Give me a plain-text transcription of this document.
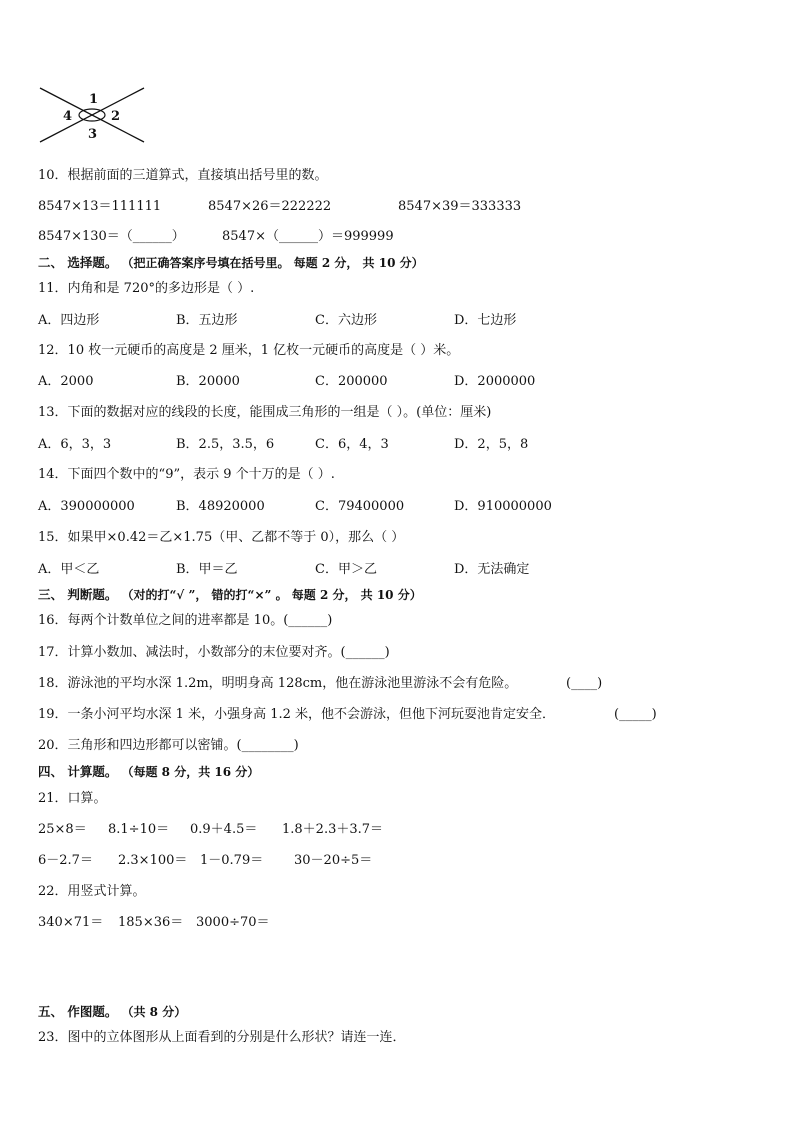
1
2
3
4
10．根据前面的三道算式，直接填出括号里的数。
8547×13＝111111	8547×26＝222222	8547×39＝333333
8547×130＝（______）	8547×（______）＝999999
二、 选择题。 （把正确答案序号填在括号里。 每题 2 分， 共 10 分）
11．内角和是 720°的多边形是（ ）.
A．四边形	B．五边形	C．六边形	D．七边形
12．10 枚一元硬币的高度是 2 厘米，1 亿枚一元硬币的高度是（ ）米。
A．2000	B．20000	C．200000	D．2000000
13．下面的数据对应的线段的长度，能围成三角形的一组是（ ）。(单位：厘米)
A．6，3，3	B．2.5，3.5，6	C．6，4，3	D．2，5，8
14．下面四个数中的“9”，表示 9 个十万的是（ ）.
A．390000000	B．48920000	C．79400000	D．910000000
15．如果甲×0.42＝乙×1.75（甲、乙都不等于 0），那么（ ）
A．甲＜乙	B．甲＝乙	C．甲＞乙	D．无法确定
三、 判断题。 （对的打“√ ”， 错的打“×” 。 每题 2 分， 共 10 分）
16．每两个计数单位之间的进率都是 10。(______)
17．计算小数加、减法时，小数部分的末位要对齐。(______)
18．游泳池的平均水深 1.2m，明明身高 128cm，他在游泳池里游泳不会有危险。	(____)
19．一条小河平均水深 1 米，小强身高 1.2 米，他不会游泳，但他下河玩耍池肯定安全．	(_____)
20．三角形和四边形都可以密铺。(________)
四、 计算题。 （每题 8 分，共 16 分）
21．口算。
25×8＝ 8.1÷10＝ 0.9＋4.5＝ 1.8＋2.3＋3.7＝
6－2.7＝ 2.3×100＝ 1－0.79＝ 30－20÷5＝
22．用竖式计算。
340×71＝ 185×36＝ 3000÷70＝
五、 作图题。 （共 8 分）
23．图中的立体图形从上面看到的分别是什么形状？请连一连．
